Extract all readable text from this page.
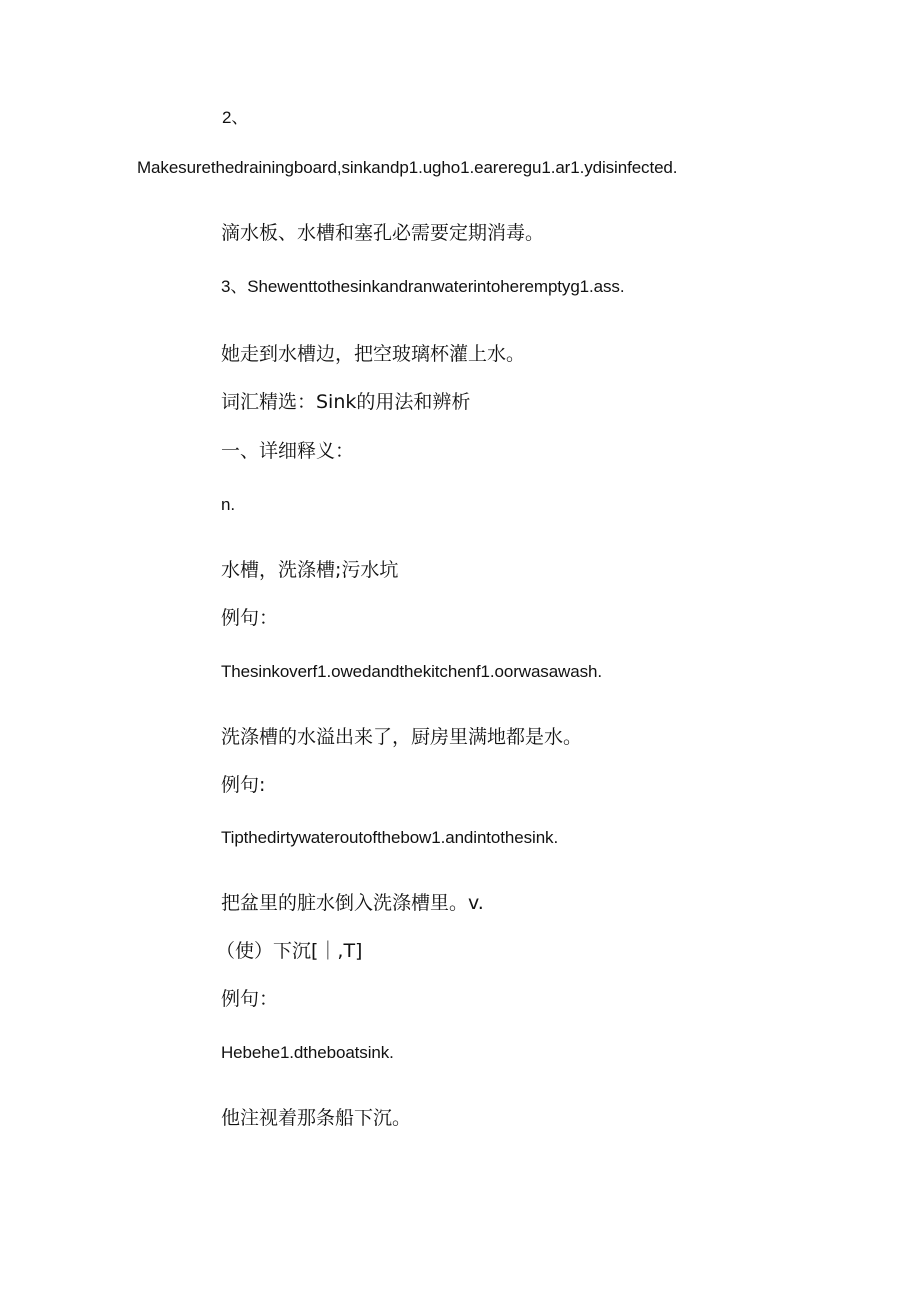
2、
Makesurethedrainingboard,sinkandp1.ugho1.eareregu1.ar1.ydisinfected.
滴水板、水槽和塞孔必需要定期消毒。
3、Shewenttothesinkandranwaterintoheremptyg1.ass.
她走到水槽边，把空玻璃杯灌上水。
词汇精选：Sink的用法和辨析
一、详细释义：
n.
水槽，洗涤槽;污水坑
例句：
Thesinkoverf1.owedandthekitchenf1.oorwasawash.
洗涤槽的水溢出来了，厨房里满地都是水。
例句:
Tipthedirtywateroutofthebow1.andintothesink.
把盆里的脏水倒入洗涤槽里。v.
（使）下沉[｜,T]
例句：
Hebehe1.dtheboatsink.
他注视着那条船下沉。
